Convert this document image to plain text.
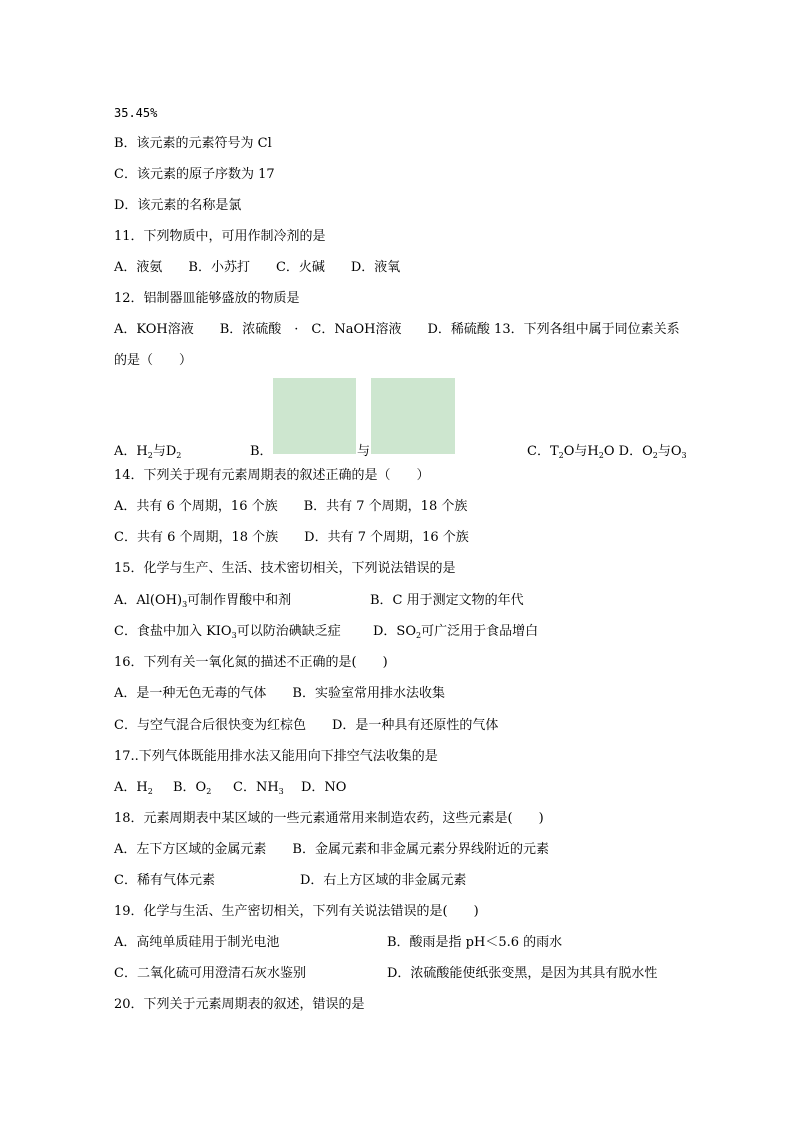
35.45%
B．该元素的元素符号为 Cl
C．该元素的原子序数为 17
D．该元素的名称是氯
11．下列物质中，可用作制冷剂的是
A．液氨　　B．小苏打　　C．火碱　　D．液氧
12．铝制器皿能够盛放的物质是
A．KOH溶液　　B．浓硫酸　·　C．NaOH溶液　　D．稀硫酸 13．下列各组中属于同位素关系
的是（　　）
A．$H_2$与$D_2$	B．	与	C．$T_2O$与$H_2O$ D．$O_2$与$O_3$
14．下列关于现有元素周期表的叙述正确的是（　　）
A．共有 6 个周期，16 个族　　B．共有 7 个周期，18 个族
C．共有 6 个周期，18 个族　　D．共有 7 个周期，16 个族
15．化学与生产、生活、技术密切相关，下列说法错误的是
A．$Al(OH)_3$可制作胃酸中和剂	B．C 用于测定文物的年代
C．食盐中加入 $KIO_3$可以防治碘缺乏症 D．$SO_2$可广泛用于食品增白
16．下列有关一氧化氮的描述不正确的是(　　)
A．是一种无色无毒的气体　　B．实验室常用排水法收集
C．与空气混合后很快变为红棕色　　D．是一种具有还原性的气体
17..下列气体既能用排水法又能用向下排空气法收集的是
A．$H_2$ B．$O_2$ C．$NH_3$ D．NO
18．元素周期表中某区域的一些元素通常用来制造农药，这些元素是(　　)
A．左下方区域的金属元素　　B．金属元素和非金属元素分界线附近的元素
C．稀有气体元素	D．右上方区域的非金属元素
19．化学与生活、生产密切相关，下列有关说法错误的是(　　)
A．高纯单质硅用于制光电池	B．酸雨是指 pH＜5.6 的雨水
C．二氧化硫可用澄清石灰水鉴别	D．浓硫酸能使纸张变黑，是因为其具有脱水性
20．下列关于元素周期表的叙述，错误的是
